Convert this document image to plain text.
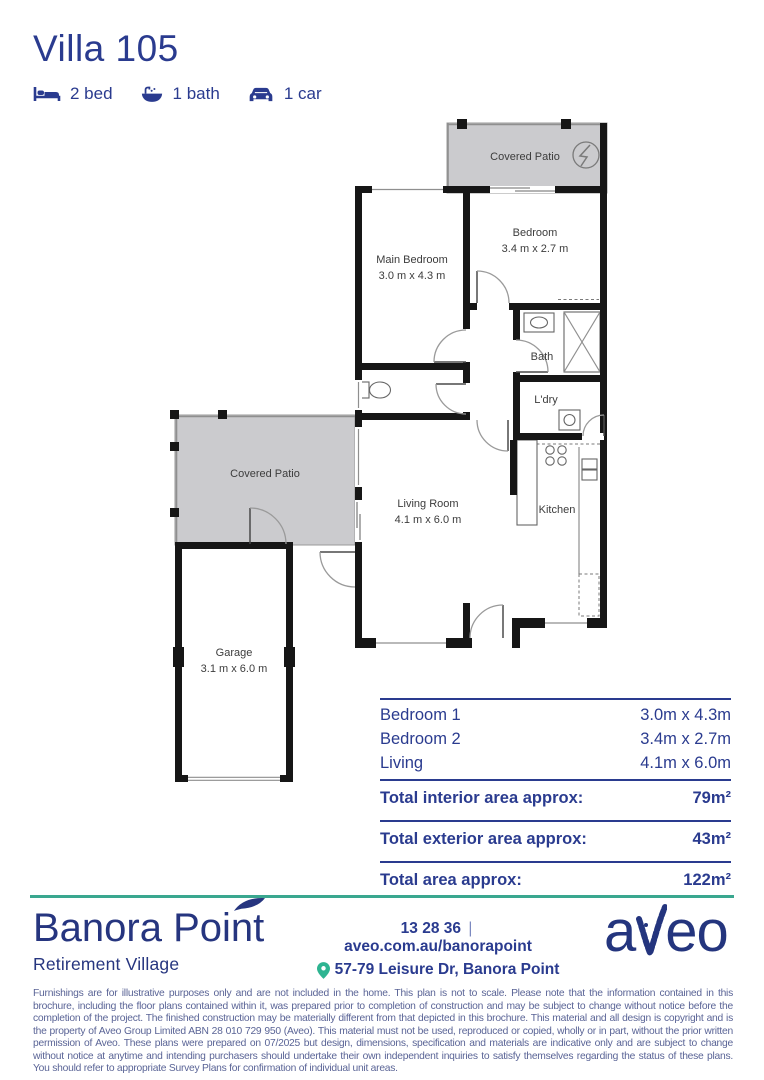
Villa 105
2 bed	1 bath	1 car
Covered Patio
Main Bedroom
3.0 m x 4.3 m
Bedroom
3.4 m x 2.7 m
Bath
L'dry
Living Room
4.1 m x 6.0 m
Kitchen
Covered Patio
Garage
3.1 m x 6.0 m
Bedroom 1	3.0m x 4.3m
Bedroom 2	3.4m x 2.7m
Living	4.1m x 6.0m
Total interior area approx:	79m²
Total exterior area approx:	43m²
Total area approx:	122m²
Banora Point
Retirement Village
13 28 36 | aveo.com.au/banorapoint
57-79 Leisure Dr, Banora Point
a eo
Furnishings are for illustrative purposes only and are not included in the home. This plan is not to scale. Please note that the information contained in this brochure, including the floor plans contained within it, was prepared prior to completion of construction and may be subject to change without notice before the completion of the project. The finished construction may be materially different from that depicted in this brochure. This material and all design is copyright and is the property of Aveo Group Limited ABN 28 010 729 950 (Aveo). This material must not be used, reproduced or copied, wholly or in part, without the prior written permission of Aveo. These plans were prepared on 07/2025 but design, dimensions, specification and materials are indicative only and are subject to change without notice at anytime and intending purchasers should undertake their own independent inquiries to satisfy themselves regarding the status of these plans. You should refer to appropriate Survey Plans for confirmation of individual unit areas.
